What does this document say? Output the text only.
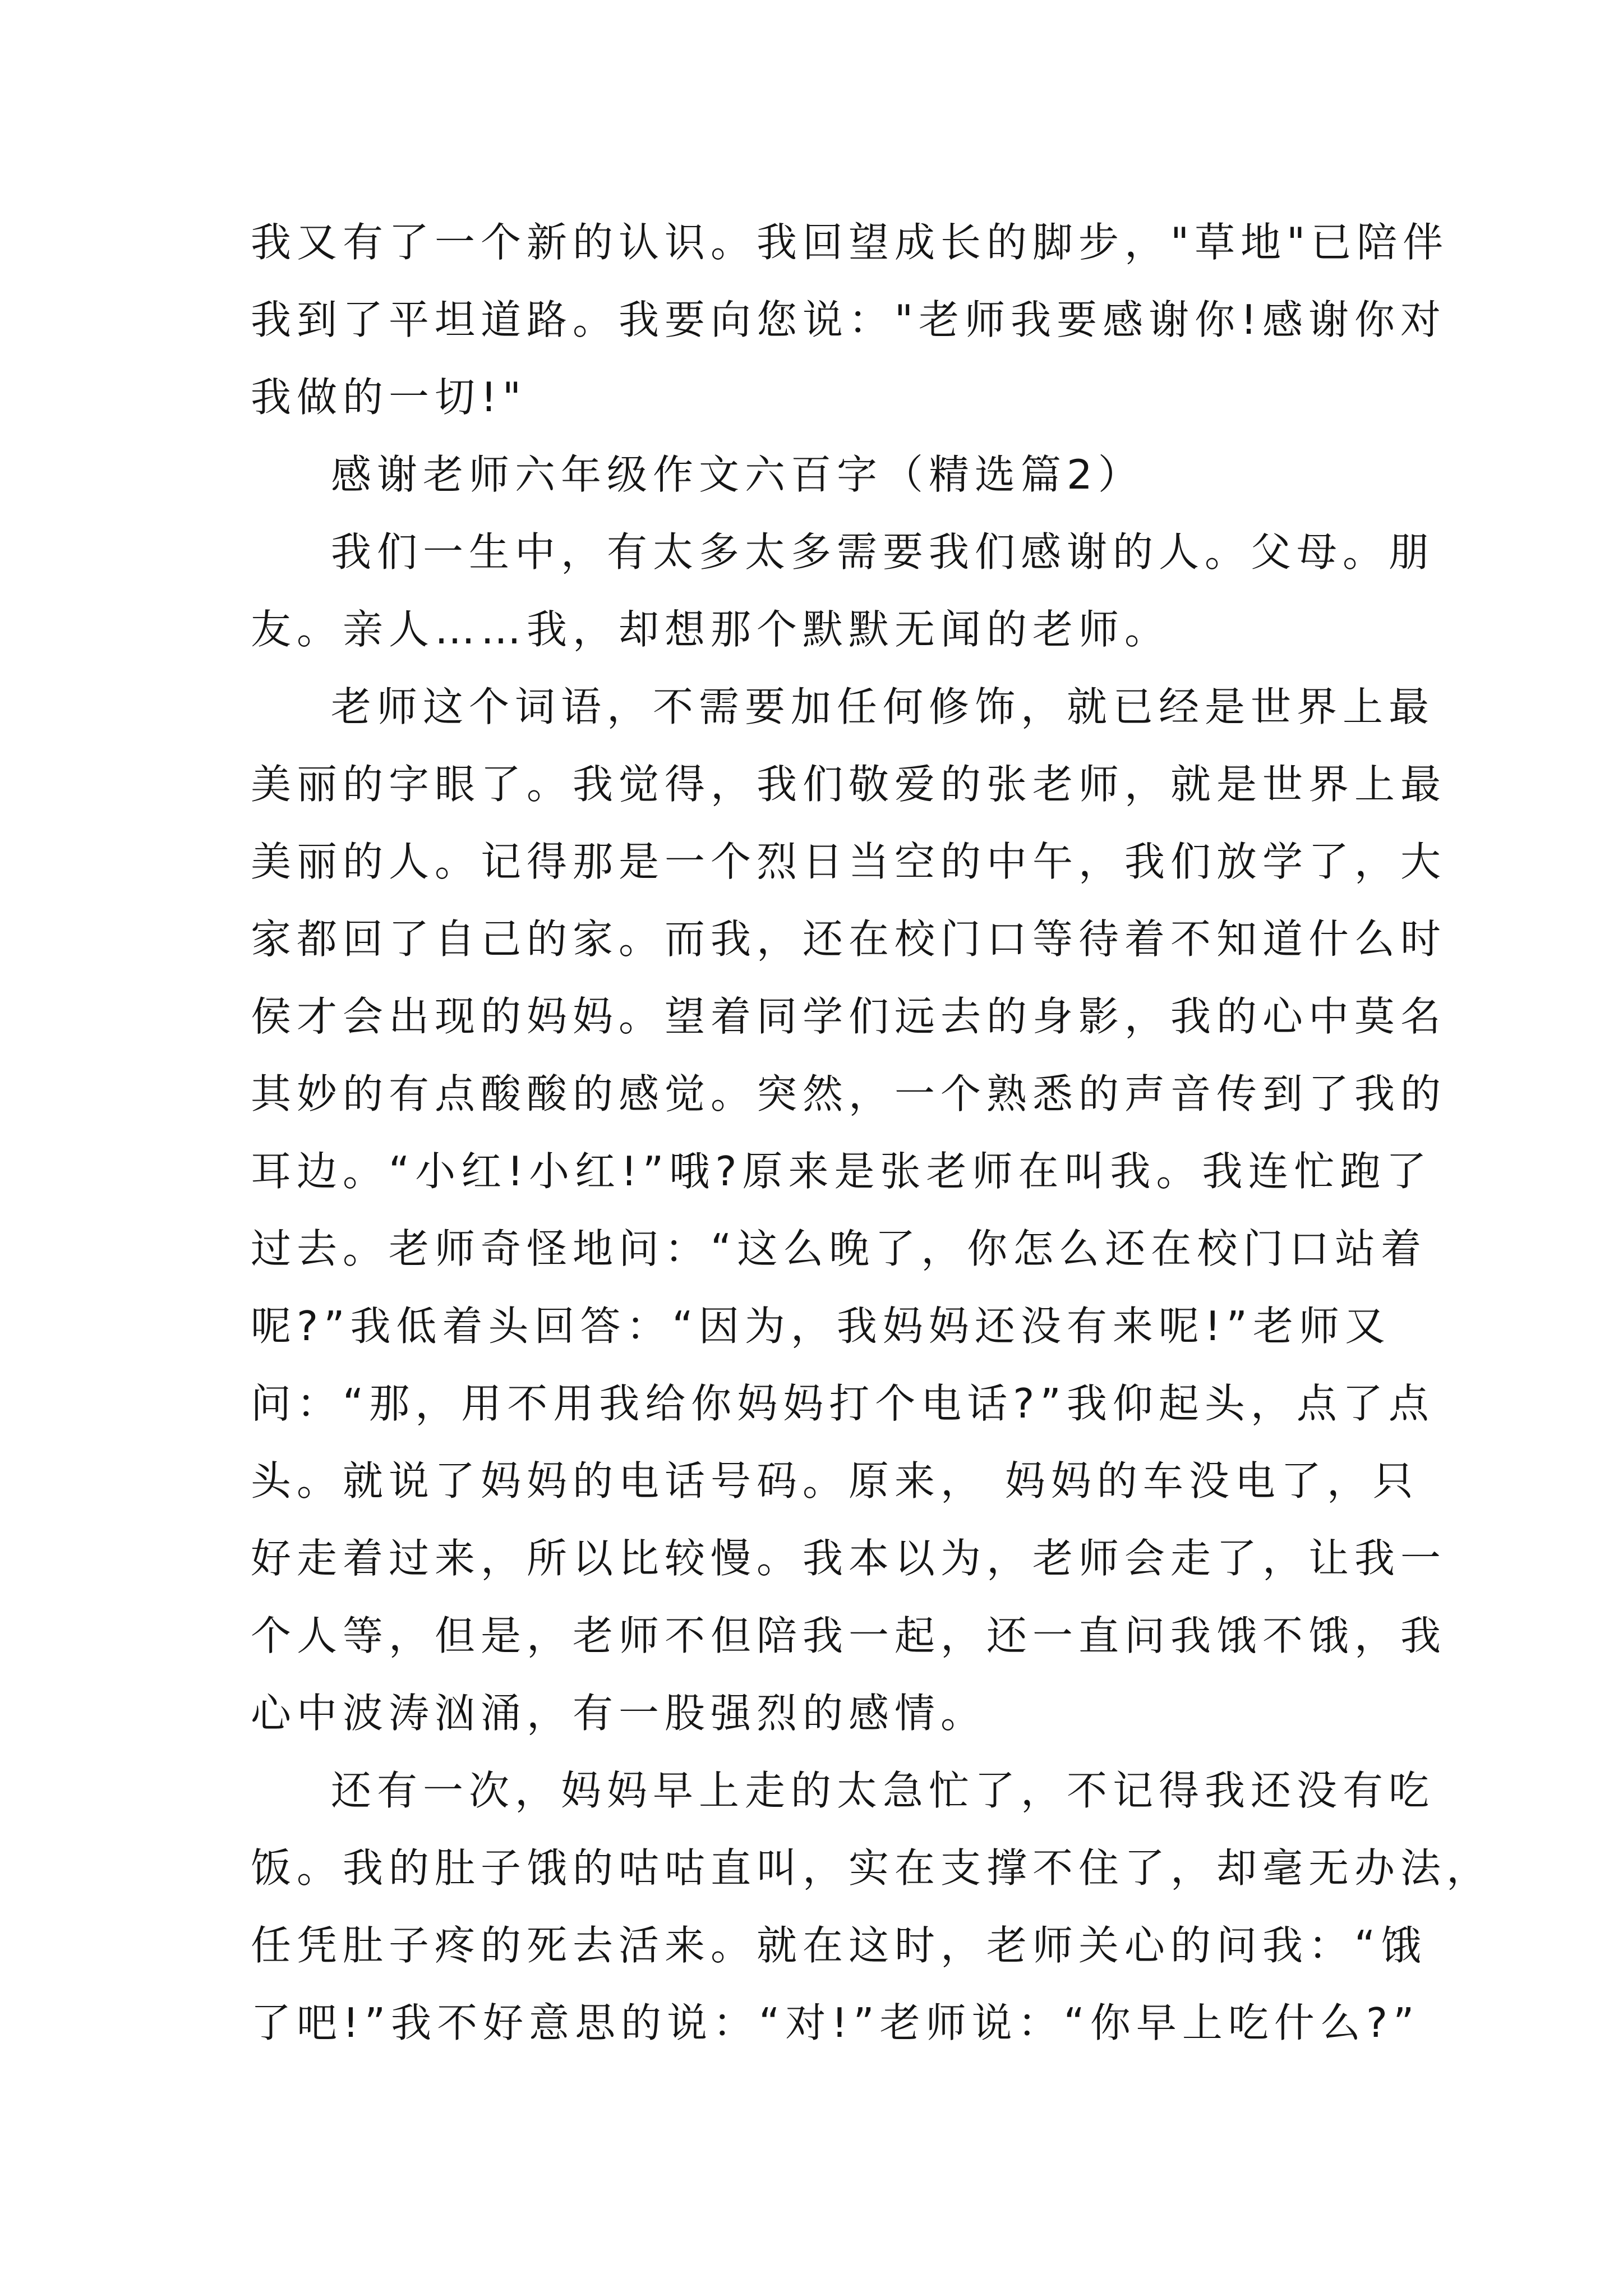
我又有了一个新的认识。我回望成长的脚步，"草地"已陪伴
我到了平坦道路。我要向您说："老师我要感谢你!感谢你对
我做的一切!"
感谢老师六年级作文六百字（精选篇2）
我们一生中，有太多太多需要我们感谢的人。父母。朋
友。亲人……我，却想那个默默无闻的老师。
老师这个词语，不需要加任何修饰，就已经是世界上最
美丽的字眼了。我觉得，我们敬爱的张老师，就是世界上最
美丽的人。记得那是一个烈日当空的中午，我们放学了，大
家都回了自己的家。而我，还在校门口等待着不知道什么时
侯才会出现的妈妈。望着同学们远去的身影，我的心中莫名
其妙的有点酸酸的感觉。突然，一个熟悉的声音传到了我的
耳边。“小红!小红!”哦?原来是张老师在叫我。我连忙跑了
过去。老师奇怪地问：“这么晚了，你怎么还在校门口站着
呢?”我低着头回答：“因为，我妈妈还没有来呢!”老师又
问：“那，用不用我给你妈妈打个电话?”我仰起头，点了点
头。就说了妈妈的电话号码。原来， 妈妈的车没电了，只
好走着过来，所以比较慢。我本以为，老师会走了，让我一
个人等，但是，老师不但陪我一起，还一直问我饿不饿，我
心中波涛汹涌，有一股强烈的感情。
还有一次，妈妈早上走的太急忙了，不记得我还没有吃
饭。我的肚子饿的咕咕直叫，实在支撑不住了，却毫无办法，
任凭肚子疼的死去活来。就在这时，老师关心的问我：“饿
了吧!”我不好意思的说：“对!”老师说：“你早上吃什么?”
